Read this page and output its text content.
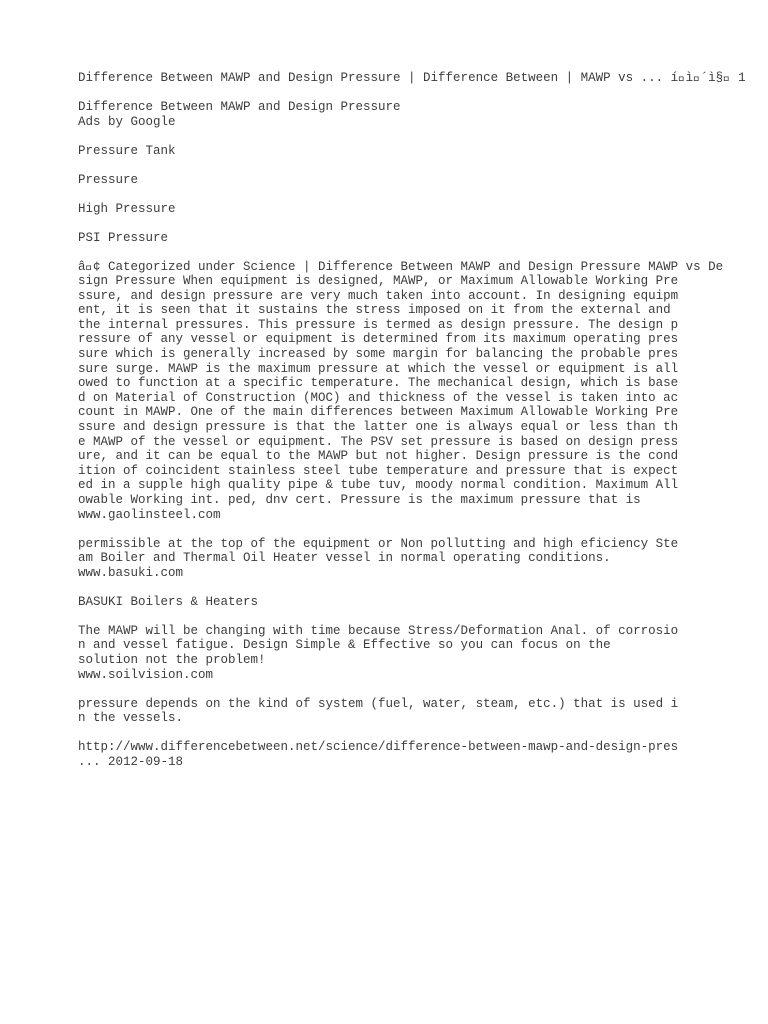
Difference Between MAWP and Design Pressure | Difference Between | MAWP vs ... í ì ´ì§  1
Difference Between MAWP and Design Pressure
Ads by Google
Pressure Tank
Pressure
High Pressure
PSI Pressure
â ¢ Categorized under Science | Difference Between MAWP and Design Pressure MAWP vs De
sign Pressure When equipment is designed, MAWP, or Maximum Allowable Working Pre
ssure, and design pressure are very much taken into account. In designing equipm
ent, it is seen that it sustains the stress imposed on it from the external and
the internal pressures. This pressure is termed as design pressure. The design p
ressure of any vessel or equipment is determined from its maximum operating pres
sure which is generally increased by some margin for balancing the probable pres
sure surge. MAWP is the maximum pressure at which the vessel or equipment is all
owed to function at a specific temperature. The mechanical design, which is base
d on Material of Construction (MOC) and thickness of the vessel is taken into ac
count in MAWP. One of the main differences between Maximum Allowable Working Pre
ssure and design pressure is that the latter one is always equal or less than th
e MAWP of the vessel or equipment. The PSV set pressure is based on design press
ure, and it can be equal to the MAWP but not higher. Design pressure is the cond
ition of coincident stainless steel tube temperature and pressure that is expect
ed in a supple high quality pipe & tube tuv, moody normal condition. Maximum All
owable Working int. ped, dnv cert. Pressure is the maximum pressure that is
www.gaolinsteel.com
permissible at the top of the equipment or Non pollutting and high eficiency Ste
am Boiler and Thermal Oil Heater vessel in normal operating conditions.
www.basuki.com
BASUKI Boilers & Heaters
The MAWP will be changing with time because Stress/Deformation Anal. of corrosio
n and vessel fatigue. Design Simple & Effective so you can focus on the
solution not the problem!
www.soilvision.com
pressure depends on the kind of system (fuel, water, steam, etc.) that is used i
n the vessels.
http://www.differencebetween.net/science/difference-between-mawp-and-design-pres
... 2012-09-18
